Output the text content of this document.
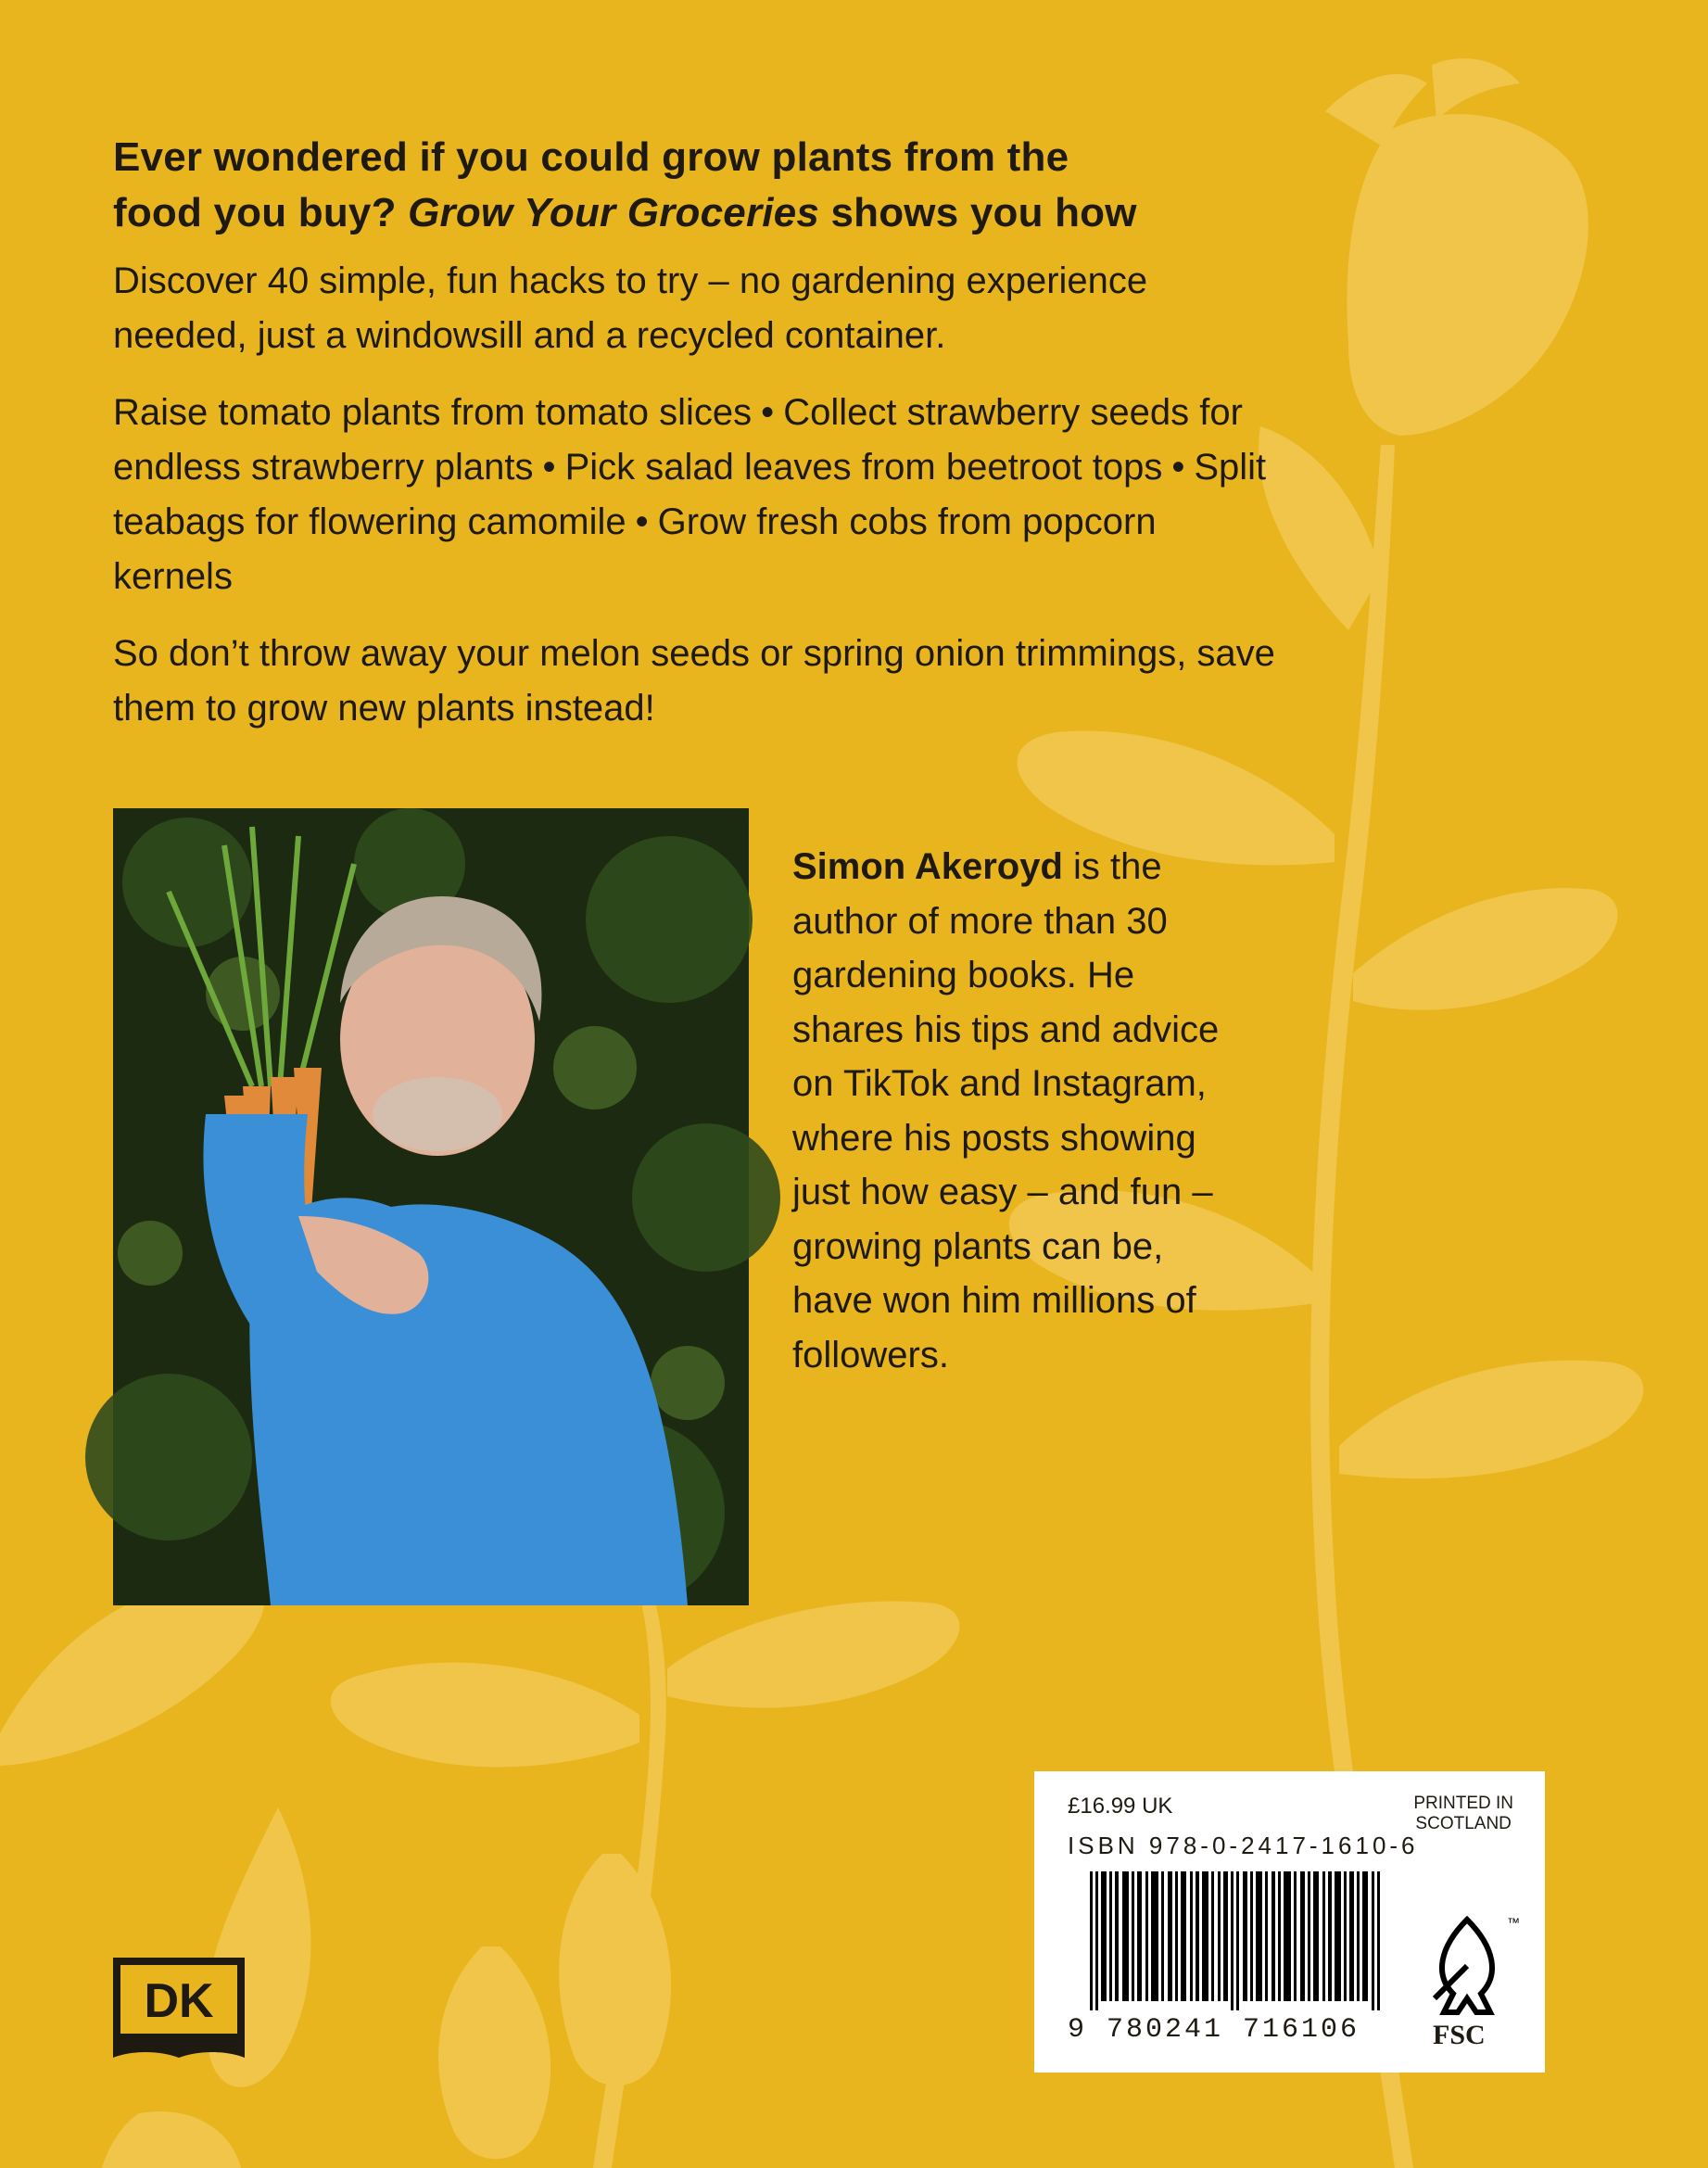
Ever wondered if you could grow plants from the
food you buy? Grow Your Groceries shows you how

Discover 40 simple, fun hacks to try – no gardening experience needed, just a windowsill and a recycled container.

Raise tomato plants from tomato slices • Collect strawberry seeds for endless strawberry plants • Pick salad leaves from beetroot tops • Split teabags for flowering camomile • Grow fresh cobs from popcorn kernels

So don’t throw away your melon seeds or spring onion trimmings, save them to grow new plants instead!

Simon Akeroyd is the author of more than 30 gardening books. He shares his tips and advice on TikTok and Instagram, where his posts showing just how easy – and fun – growing plants can be, have won him millions of followers.

DK
£16.99 UK	PRINTED IN
SCOTLAND
ISBN 978-0-2417-1610-6
9 780241 716106
™
FSC
